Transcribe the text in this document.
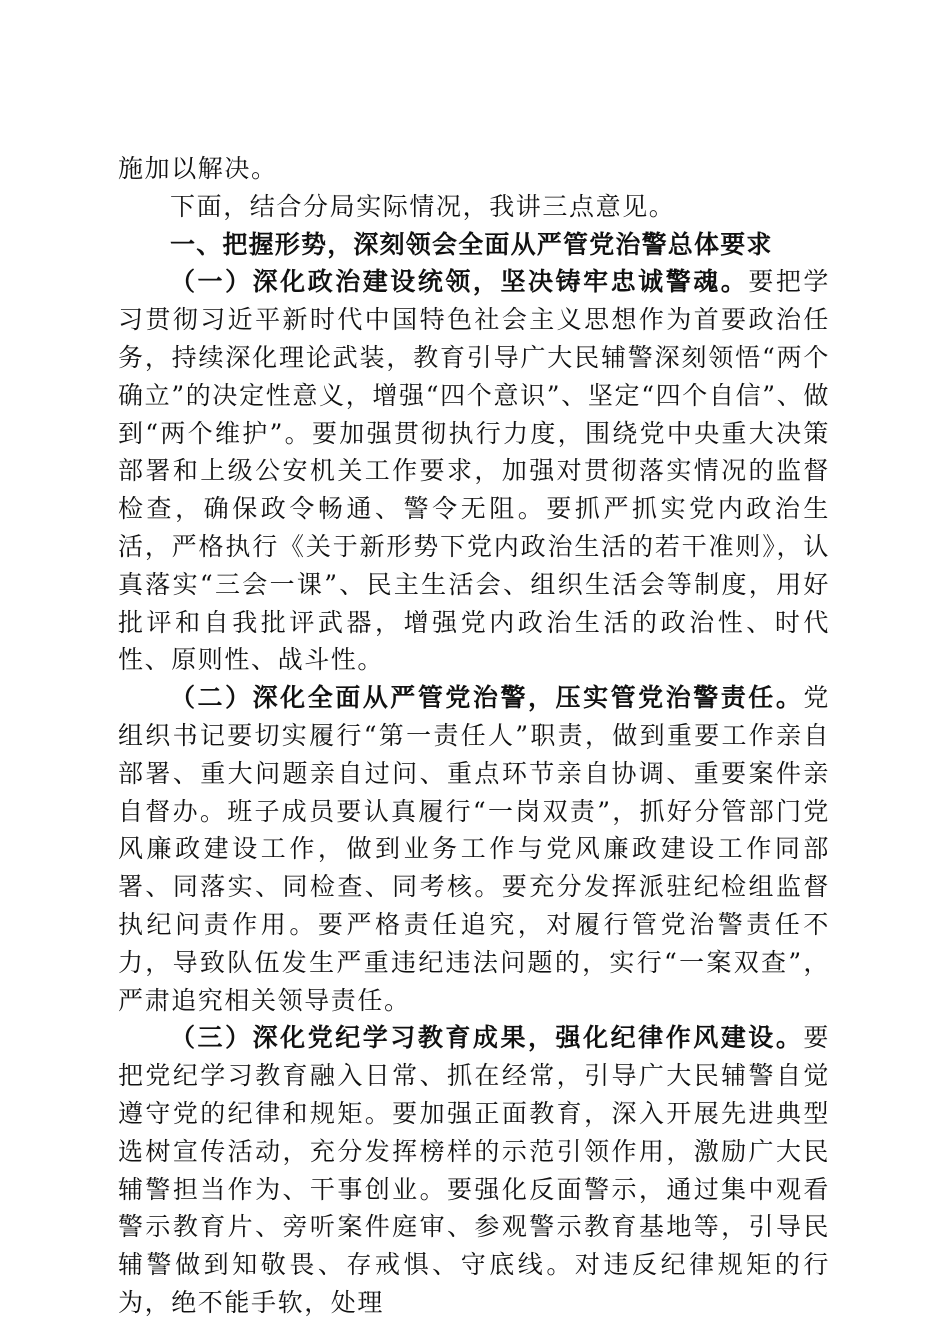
施加以解决。

下面，结合分局实际情况，我讲三点意见。

一、把握形势，深刻领会全面从严管党治警总体要求

（一）深化政治建设统领，坚决铸牢忠诚警魂。要把学习贯彻习近平新时代中国特色社会主义思想作为首要政治任务，持续深化理论武装，教育引导广大民辅警深刻领悟“两个确立”的决定性意义，增强“四个意识”、坚定“四个自信”、做到“两个维护”。要加强贯彻执行力度，围绕党中央重大决策部署和上级公安机关工作要求，加强对贯彻落实情况的监督检查，确保政令畅通、警令无阻。要抓严抓实党内政治生活，严格执行《关于新形势下党内政治生活的若干准则》，认真落实“三会一课”、民主生活会、组织生活会等制度，用好批评和自我批评武器，增强党内政治生活的政治性、时代性、原则性、战斗性。

（二）深化全面从严管党治警，压实管党治警责任。党组织书记要切实履行“第一责任人”职责，做到重要工作亲自部署、重大问题亲自过问、重点环节亲自协调、重要案件亲自督办。班子成员要认真履行“一岗双责”，抓好分管部门党风廉政建设工作，做到业务工作与党风廉政建设工作同部署、同落实、同检查、同考核。要充分发挥派驻纪检组监督执纪问责作用。要严格责任追究，对履行管党治警责任不力，导致队伍发生严重违纪违法问题的，实行“一案双查”，严肃追究相关领导责任。

（三）深化党纪学习教育成果，强化纪律作风建设。要把党纪学习教育融入日常、抓在经常，引导广大民辅警自觉遵守党的纪律和规矩。要加强正面教育，深入开展先进典型选树宣传活动，充分发挥榜样的示范引领作用，激励广大民辅警担当作为、干事创业。要强化反面警示，通过集中观看警示教育片、旁听案件庭审、参观警示教育基地等，引导民辅警做到知敬畏、存戒惧、守底线。对违反纪律规矩的行为，绝不能手软，处理
